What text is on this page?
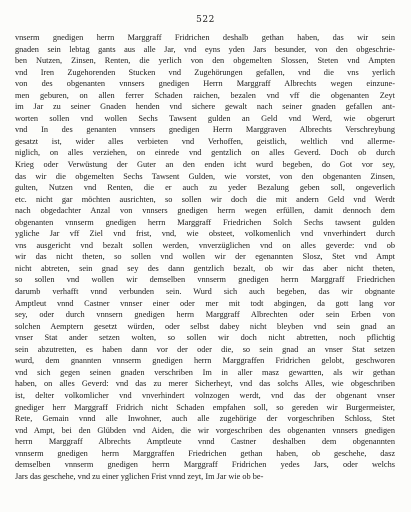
522
vnserm gnedigen herrn Marggraff Fridrichen deshalb gethan haben, das wir sein
gnaden sein lebtag gants aus alle Jar, vnd eyns yden Jars besunder, von den obgeschrie-
ben Nutzen, Zinsen, Renten, die yerlich von den obgemelten Slossen, Steten vnd Ampten
vnd Iren Zugehorenden Stucken vnd Zugehörungen gefallen, vnd die vns yerlich
von des obgenanten vnnsers gnedigen Herrn Marggraff Albrechts wegen einzune-
men geburen, on allen ferrer Schaden raichen, bezalen vnd vff die obgenanten Zeyt
im Jar zu seiner Gnaden henden vnd sichere gewalt nach seiner gnaden gefallen ant-
worten sollen vnd wollen Sechs Tawsent gulden an Geld vnd Werd, wie obgerurt
vnd In des genanten vnnsers gnedigen Herrn Marggraven Albrechts Verschreybung
gesatzt ist, wider alles verbieten vnd Verhoffen, geistlich, weltlich vnd allerme-
niglich, on alles verziehen, on einrede vnd gentzlich on alles Geverd. Doch ob durch
Krieg oder Verwüstung der Guter an den enden icht wurd begeben, do Got vor sey,
das wir die obgemelten Sechs Tawsent Gulden, wie vorstet, von den obgenanten Zinsen,
gulten, Nutzen vnd Renten, die er auch zu yeder Bezalung geben soll, ongeverlich
etc. nicht gar möchten ausrichten, so sollen wir doch die mit andern Geld vnd Werdt
nach obgedachter Anzal von vnnsers gnedigen herrn wegen erfüllen, damit dennoch dem
obgenanten vnnserm gnedigen herrn Marggraff Friedrichen Solch Sechs tawsent gulden
ygliche Jar vff Ziel vnd frist, vnd, wie obsteet, volkomenlich vnd vnverhindert durch
vns ausgericht vnd bezalt sollen werden, vnverzüglichen vnd on alles geverde: vnd ob
wir das nicht theten, so sollen vnd wollen wir der egenannten Slosz, Stet vnd Ampt
nicht abtreten, sein gnad sey des dann gentzlich bezalt, ob wir das aber nicht theten,
so sollen vnd wollen wir demselben vnnserm gnedigen herrn Marggraff Friedrichen
darumb verhafft vnnd verbunden sein. Wurd sich auch begeben, das wir obgnante
Amptleut vnnd Castner vnnser einer oder mer mit todt abgingen, da gott lang vor
sey, oder durch vnnsern gnedigen herrn Marggraff Albrechten oder sein Erben von
solchen Aemptern gesetzt würden, oder selbst dabey nicht bleyben vnd sein gnad an
vnser Stat ander setzen wolten, so sollen wir doch nicht abtretten, noch pflichtig
sein abzutretten, es haben dann vor der oder die, so sein gnad an vnser Stat setzen
wurd, dem gnannten vnnserm gnedigen herrn Marggraffen Fridrichen gelobt, geschworen
vnd sich gegen seinen gnaden verschriben Im in aller masz gewartten, als wir gethan
haben, on alles Geverd: vnd das zu merer Sicherheyt, vnd das solchs Alles, wie obgeschriben
ist, delter volkomlicher vnd vnverhindert volnzogen werdt, vnd das der obgenant vnser
gnediger herr Marggraff Fridrich nicht Schaden empfahen soll, so gereden wir Burgermeister,
Rete, Gemain vnnd alle Inwohner, auch alle zugehörige der vorgeschriben Schloss, Stet
vnd Ampt, bei den Glübden vnd Aiden, die wir vorgeschriben des obgenanten vnnsers gnedigen
herrn Marggraff Albrechts Amptleute vnnd Castner deshalben dem obgenannten
vnnserm gnedigen herrn Marggraffen Friedrichen gethan haben, ob geschehe, dasz
demselben vnnserm gnedigen herrn Marggraff Fridrichen yedes Jars, oder welchs
Jars das geschehe, vnd zu einer yglichen Frist vnnd zeyt, Im Jar wie ob be-
